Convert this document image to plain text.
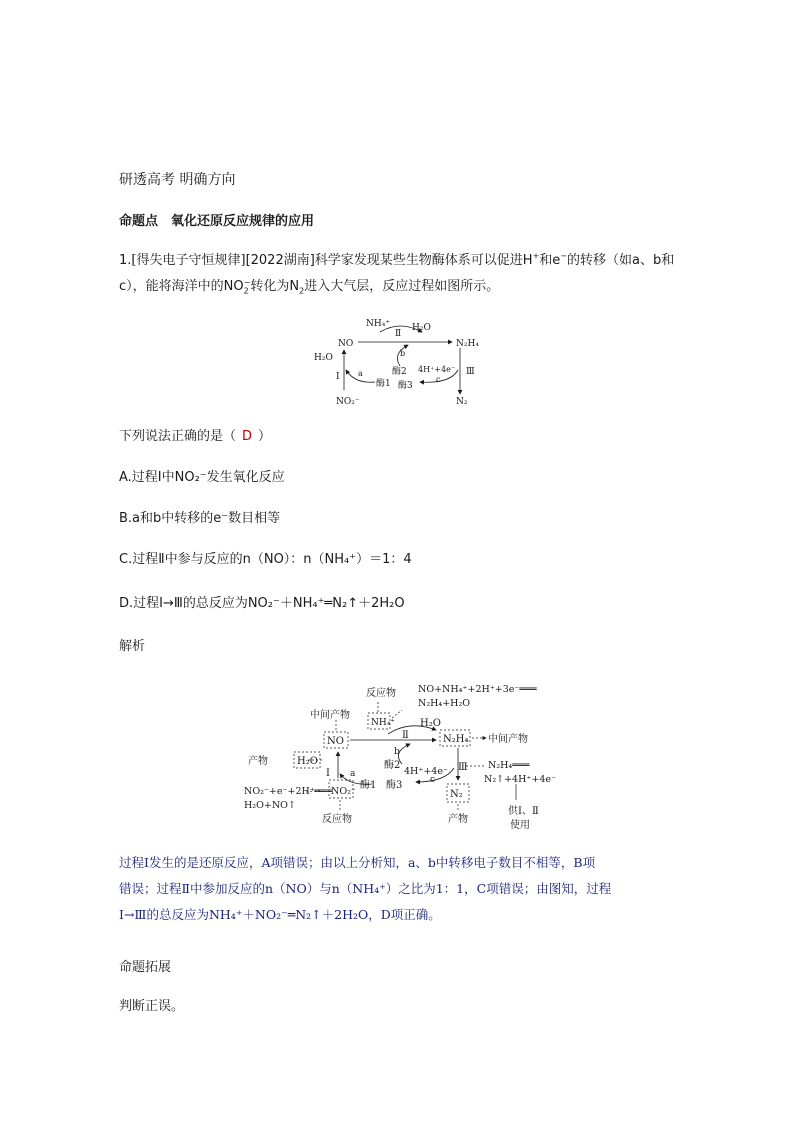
研透高考 明确方向
命题点　氧化还原反应规律的应用
1.[得失电子守恒规律][2022湖南]科学家发现某些生物酶体系可以促进H+和e−的转移（如a、b和c），能将海洋中的$NO_2^-$转化为$N_2$进入大气层，反应过程如图所示。
NO
NH₄⁺
Ⅱ
H₂O
N₂H₄
H₂O
Ⅰ a
b
酶1
酶2
酶3
4H⁺+4e⁻
c
Ⅲ
NO₂⁻	N₂
下列说法正确的是（ D ）
A.过程Ⅰ中NO₂⁻发生氧化反应
B.a和b中转移的e⁻数目相等
C.过程Ⅱ中参与反应的n（NO）：n（NH₄⁺）＝1：4
D.过程Ⅰ→Ⅲ的总反应为NO₂⁻＋NH₄⁺═N₂↑＋2H₂O
解析
反应物 NO+NH₄⁺+2H⁺+3e⁻═══
N₂H₄+H₂O
中间产物
NH₄⁺ H₂O
NO
Ⅱ	N₂H₄ 中间产物
b
酶2
产物	H₂O
Ⅰ a
NO₂⁻
酶1 酶3
4H⁺+4e⁻
c
Ⅲ N₂H₄═══
N₂↑+4H⁺+4e⁻
N₂
供Ⅰ、Ⅱ
使用
NO₂⁻+e⁻+2H⁺═══
H₂O+NO↑
反应物	产物
过程Ⅰ发生的是还原反应，A项错误；由以上分析知，a、b中转移电子数目不相等，B项
错误；过程Ⅱ中参加反应的n（NO）与n（NH₄⁺）之比为1：1，C项错误；由图知，过程
Ⅰ→Ⅲ的总反应为NH₄⁺＋NO₂⁻═N₂↑＋2H₂O，D项正确。
命题拓展
判断正误。
